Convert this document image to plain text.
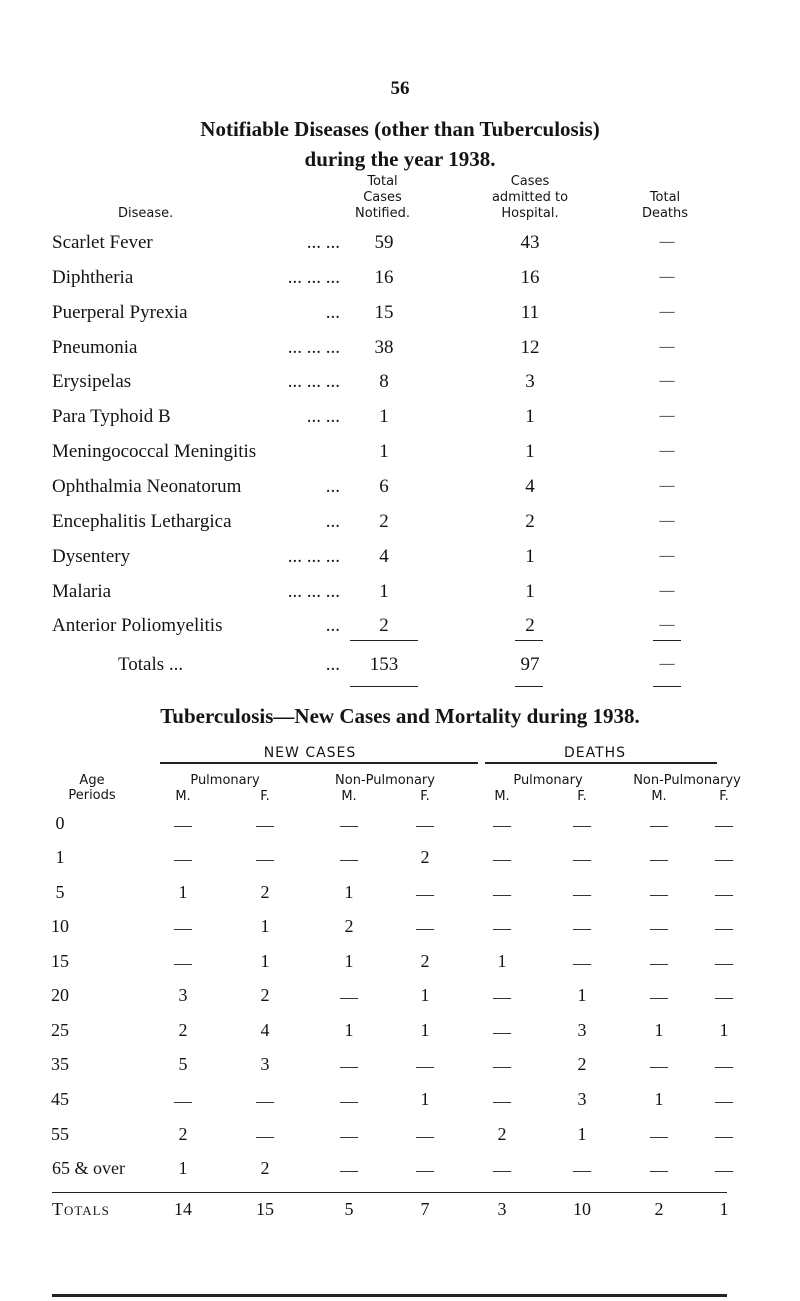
56
Notifiable Diseases (other than Tuberculosis)
during the year 1938.
Disease.
Total
Cases
Notified.
Cases
admitted to
Hospital.
Total
Deaths
Scarlet Fever	... ...	59	43	—
Diphtheria	... ... ...	16	16	—
Puerperal Pyrexia	...	15	11	—
Pneumonia	... ... ...	38	12	—
Erysipelas	... ... ...	8	3	—
Para Typhoid B	... ...	1	1	—
Meningococcal Meningitis	1	1	—
Ophthalmia Neonatorum	...	6	4	—
Encephalitis Lethargica	...	2	2	—
Dysentery	... ... ...	4	1	—
Malaria	... ... ...	1	1	—
Anterior Poliomyelitis	...	2	2	—
Totals ...	...	153	97	—
Tuberculosis—New Cases and Mortality during 1938.
NEW CASES	DEATHS
Age
Periods
Pulmonary	Non-Pulmonary	Pulmonary	Non-Pulmonaryy
M.	F.	M.	F.	M.	F.	M.	F.
0	—	—	—	—	—	—	—	—
1	—	—	—	2	—	—	—	—
5	1	2	1	—	—	—	—	—
10	—	1	2	—	—	—	—	—
15	—	1	1	2	1	—	—	—
20	3	2	—	1	—	1	—	—
25	2	4	1	1	—	3	1	1
35	5	3	—	—	—	2	—	—
45	—	—	—	1	—	3	1	—
55	2	—	—	—	2	1	—	—
65 & over	1	2	—	—	—	—	—	—
Totals	14	15	5	7	3	10	2	1
